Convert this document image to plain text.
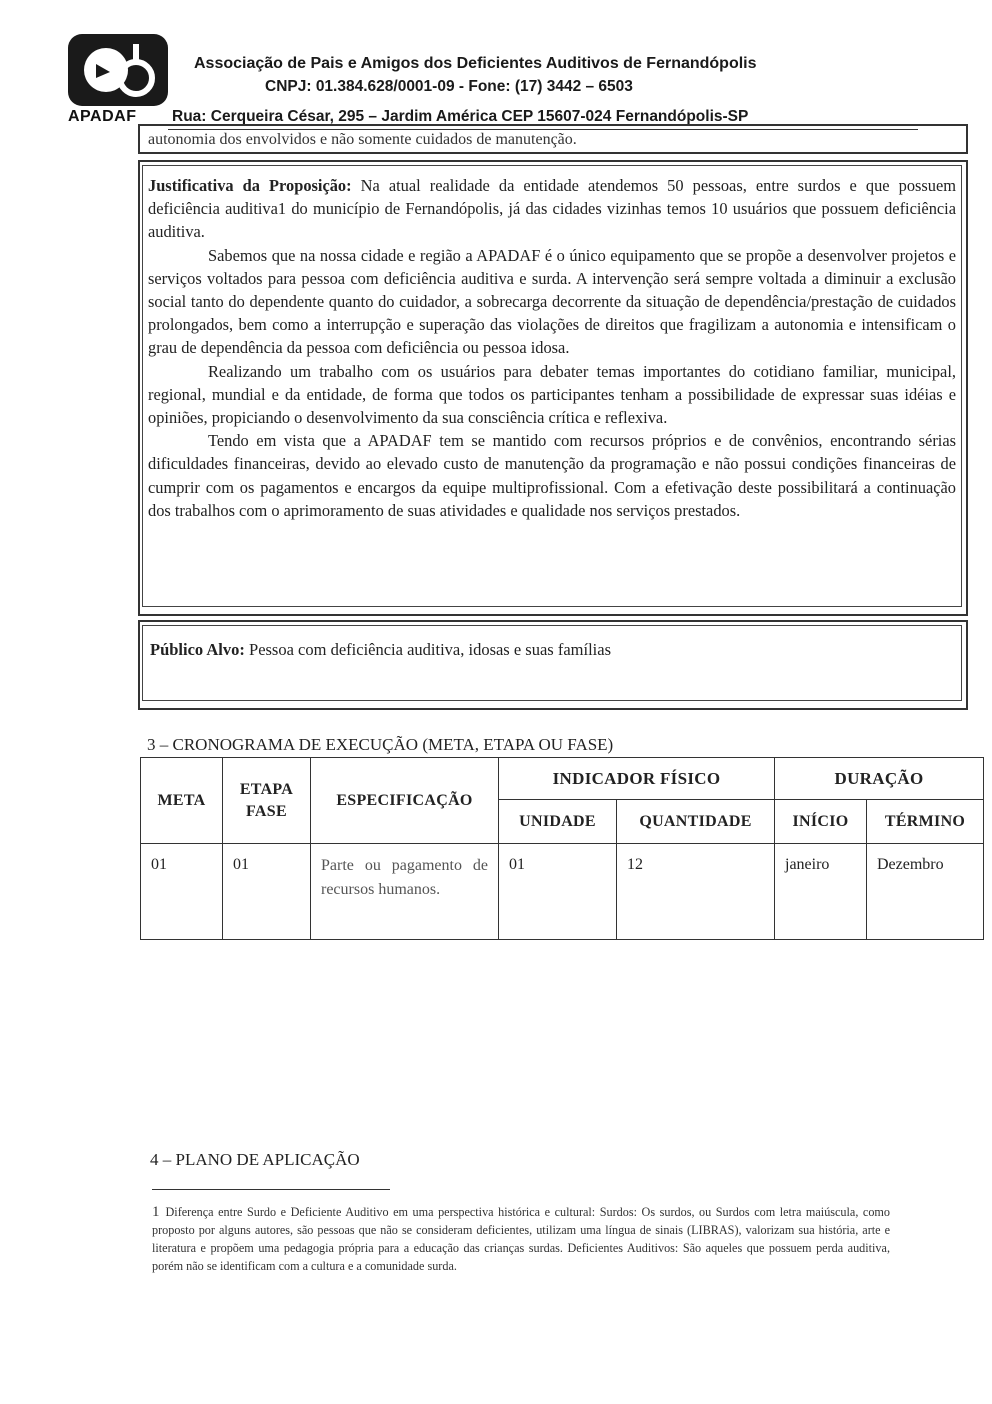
APADAF
Associação de Pais e Amigos dos Deficientes Auditivos de Fernandópolis
CNPJ: 01.384.628/0001-09 - Fone: (17) 3442 – 6503
Rua: Cerqueira César, 295 – Jardim América CEP 15607-024 Fernandópolis-SP
autonomia dos envolvidos e não somente cuidados de manutenção.

Justificativa da Proposição: Na atual realidade da entidade atendemos 50 pessoas, entre surdos e que possuem deficiência auditiva1 do município de Fernandópolis, já das cidades vizinhas temos 10 usuários que possuem deficiência auditiva.

Sabemos que na nossa cidade e região a APADAF é o único equipamento que se propõe a desenvolver projetos e serviços voltados para pessoa com deficiência auditiva e surda. A intervenção será sempre voltada a diminuir a exclusão social tanto do dependente quanto do cuidador, a sobrecarga decorrente da situação de dependência/prestação de cuidados prolongados, bem como a interrupção e superação das violações de direitos que fragilizam a autonomia e intensificam o grau de dependência da pessoa com deficiência ou pessoa idosa.

Realizando um trabalho com os usuários para debater temas importantes do cotidiano familiar, municipal, regional, mundial e da entidade, de forma que todos os participantes tenham a possibilidade de expressar suas idéias e opiniões, propiciando o desenvolvimento da sua consciência crítica e reflexiva.

Tendo em vista que a APADAF tem se mantido com recursos próprios e de convênios, encontrando sérias dificuldades financeiras, devido ao elevado custo de manutenção da programação e não possui condições financeiras de cumprir com os pagamentos e encargos da equipe multiprofissional. Com a efetivação deste possibilitará a continuação dos trabalhos com o aprimoramento de suas atividades e qualidade nos serviços prestados.

Público Alvo: Pessoa com deficiência auditiva, idosas e suas famílias
3 – CRONOGRAMA DE EXECUÇÃO (META, ETAPA OU FASE)
META	ETAPA FASE	ESPECIFICAÇÃO	INDICADOR FÍSICO		DURAÇÃO	
			UNIDADE	QUANTIDADE	INÍCIO	TÉRMINO

01	01	Parte ou pagamento de recursos humanos.	01	12	janeiro	Dezembro
4 – PLANO DE APLICAÇÃO
1 Diferença entre Surdo e Deficiente Auditivo em uma perspectiva histórica e cultural: Surdos: Os surdos, ou Surdos com letra maiúscula, como proposto por alguns autores, são pessoas que não se consideram deficientes, utilizam uma língua de sinais (LIBRAS), valorizam sua história, arte e literatura e propõem uma pedagogia própria para a educação das crianças surdas. Deficientes Auditivos: São aqueles que possuem perda auditiva, porém não se identificam com a cultura e a comunidade surda.
